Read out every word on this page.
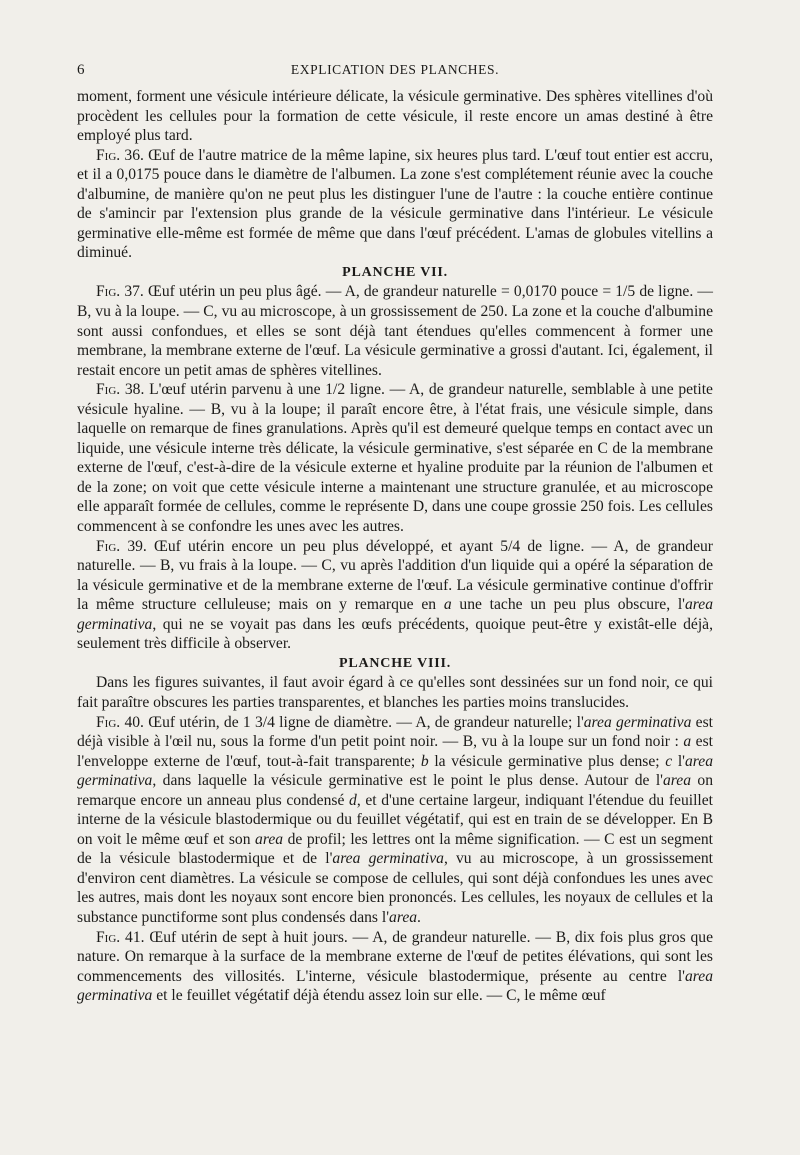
6	EXPLICATION DES PLANCHES.

moment, forment une vésicule intérieure délicate, la vésicule germinative. Des sphères vitellines d'où procèdent les cellules pour la formation de cette vésicule, il reste encore un amas destiné à être employé plus tard.

Fig. 36. Œuf de l'autre matrice de la même lapine, six heures plus tard. L'œuf tout entier est accru, et il a 0,0175 pouce dans le diamètre de l'albumen. La zone s'est complétement réunie avec la couche d'albumine, de manière qu'on ne peut plus les distinguer l'une de l'autre : la couche entière continue de s'amincir par l'extension plus grande de la vésicule germinative dans l'intérieur. Le vésicule germinative elle-même est formée de même que dans l'œuf précédent. L'amas de globules vitellins a diminué.

PLANCHE VII.

Fig. 37. Œuf utérin un peu plus âgé. — A, de grandeur naturelle = 0,0170 pouce = 1/5 de ligne. — B, vu à la loupe. — C, vu au microscope, à un grossissement de 250. La zone et la couche d'albumine sont aussi confondues, et elles se sont déjà tant étendues qu'elles commencent à former une membrane, la membrane externe de l'œuf. La vésicule germinative a grossi d'autant. Ici, également, il restait encore un petit amas de sphères vitellines.

Fig. 38. L'œuf utérin parvenu à une 1/2 ligne. — A, de grandeur naturelle, semblable à une petite vésicule hyaline. — B, vu à la loupe; il paraît encore être, à l'état frais, une vésicule simple, dans laquelle on remarque de fines granulations. Après qu'il est demeuré quelque temps en contact avec un liquide, une vésicule interne très délicate, la vésicule germinative, s'est séparée en C de la membrane externe de l'œuf, c'est-à-dire de la vésicule externe et hyaline produite par la réunion de l'albumen et de la zone; on voit que cette vésicule interne a maintenant une structure granulée, et au microscope elle apparaît formée de cellules, comme le représente D, dans une coupe grossie 250 fois. Les cellules commencent à se confondre les unes avec les autres.

Fig. 39. Œuf utérin encore un peu plus développé, et ayant 5/4 de ligne. — A, de grandeur naturelle. — B, vu frais à la loupe. — C, vu après l'addition d'un liquide qui a opéré la séparation de la vésicule germinative et de la membrane externe de l'œuf. La vésicule germinative continue d'offrir la même structure celluleuse; mais on y remarque en a une tache un peu plus obscure, l'area germinativa, qui ne se voyait pas dans les œufs précédents, quoique peut-être y existât-elle déjà, seulement très difficile à observer.

PLANCHE VIII.

Dans les figures suivantes, il faut avoir égard à ce qu'elles sont dessinées sur un fond noir, ce qui fait paraître obscures les parties transparentes, et blanches les parties moins translucides.

Fig. 40. Œuf utérin, de 1 3/4 ligne de diamètre. — A, de grandeur naturelle; l'area germinativa est déjà visible à l'œil nu, sous la forme d'un petit point noir. — B, vu à la loupe sur un fond noir : a est l'enveloppe externe de l'œuf, tout-à-fait transparente; b la vésicule germinative plus dense; c l'area germinativa, dans laquelle la vésicule germinative est le point le plus dense. Autour de l'area on remarque encore un anneau plus condensé d, et d'une certaine largeur, indiquant l'étendue du feuillet interne de la vésicule blastodermique ou du feuillet végétatif, qui est en train de se développer. En B on voit le même œuf et son area de profil; les lettres ont la même signification. — C est un segment de la vésicule blastodermique et de l'area germinativa, vu au microscope, à un grossissement d'environ cent diamètres. La vésicule se compose de cellules, qui sont déjà confondues les unes avec les autres, mais dont les noyaux sont encore bien prononcés. Les cellules, les noyaux de cellules et la substance punctiforme sont plus condensés dans l'area.

Fig. 41. Œuf utérin de sept à huit jours. — A, de grandeur naturelle. — B, dix fois plus gros que nature. On remarque à la surface de la membrane externe de l'œuf de petites élévations, qui sont les commencements des villosités. L'interne, vésicule blastodermique, présente au centre l'area germinativa et le feuillet végétatif déjà étendu assez loin sur elle. — C, le même œuf
